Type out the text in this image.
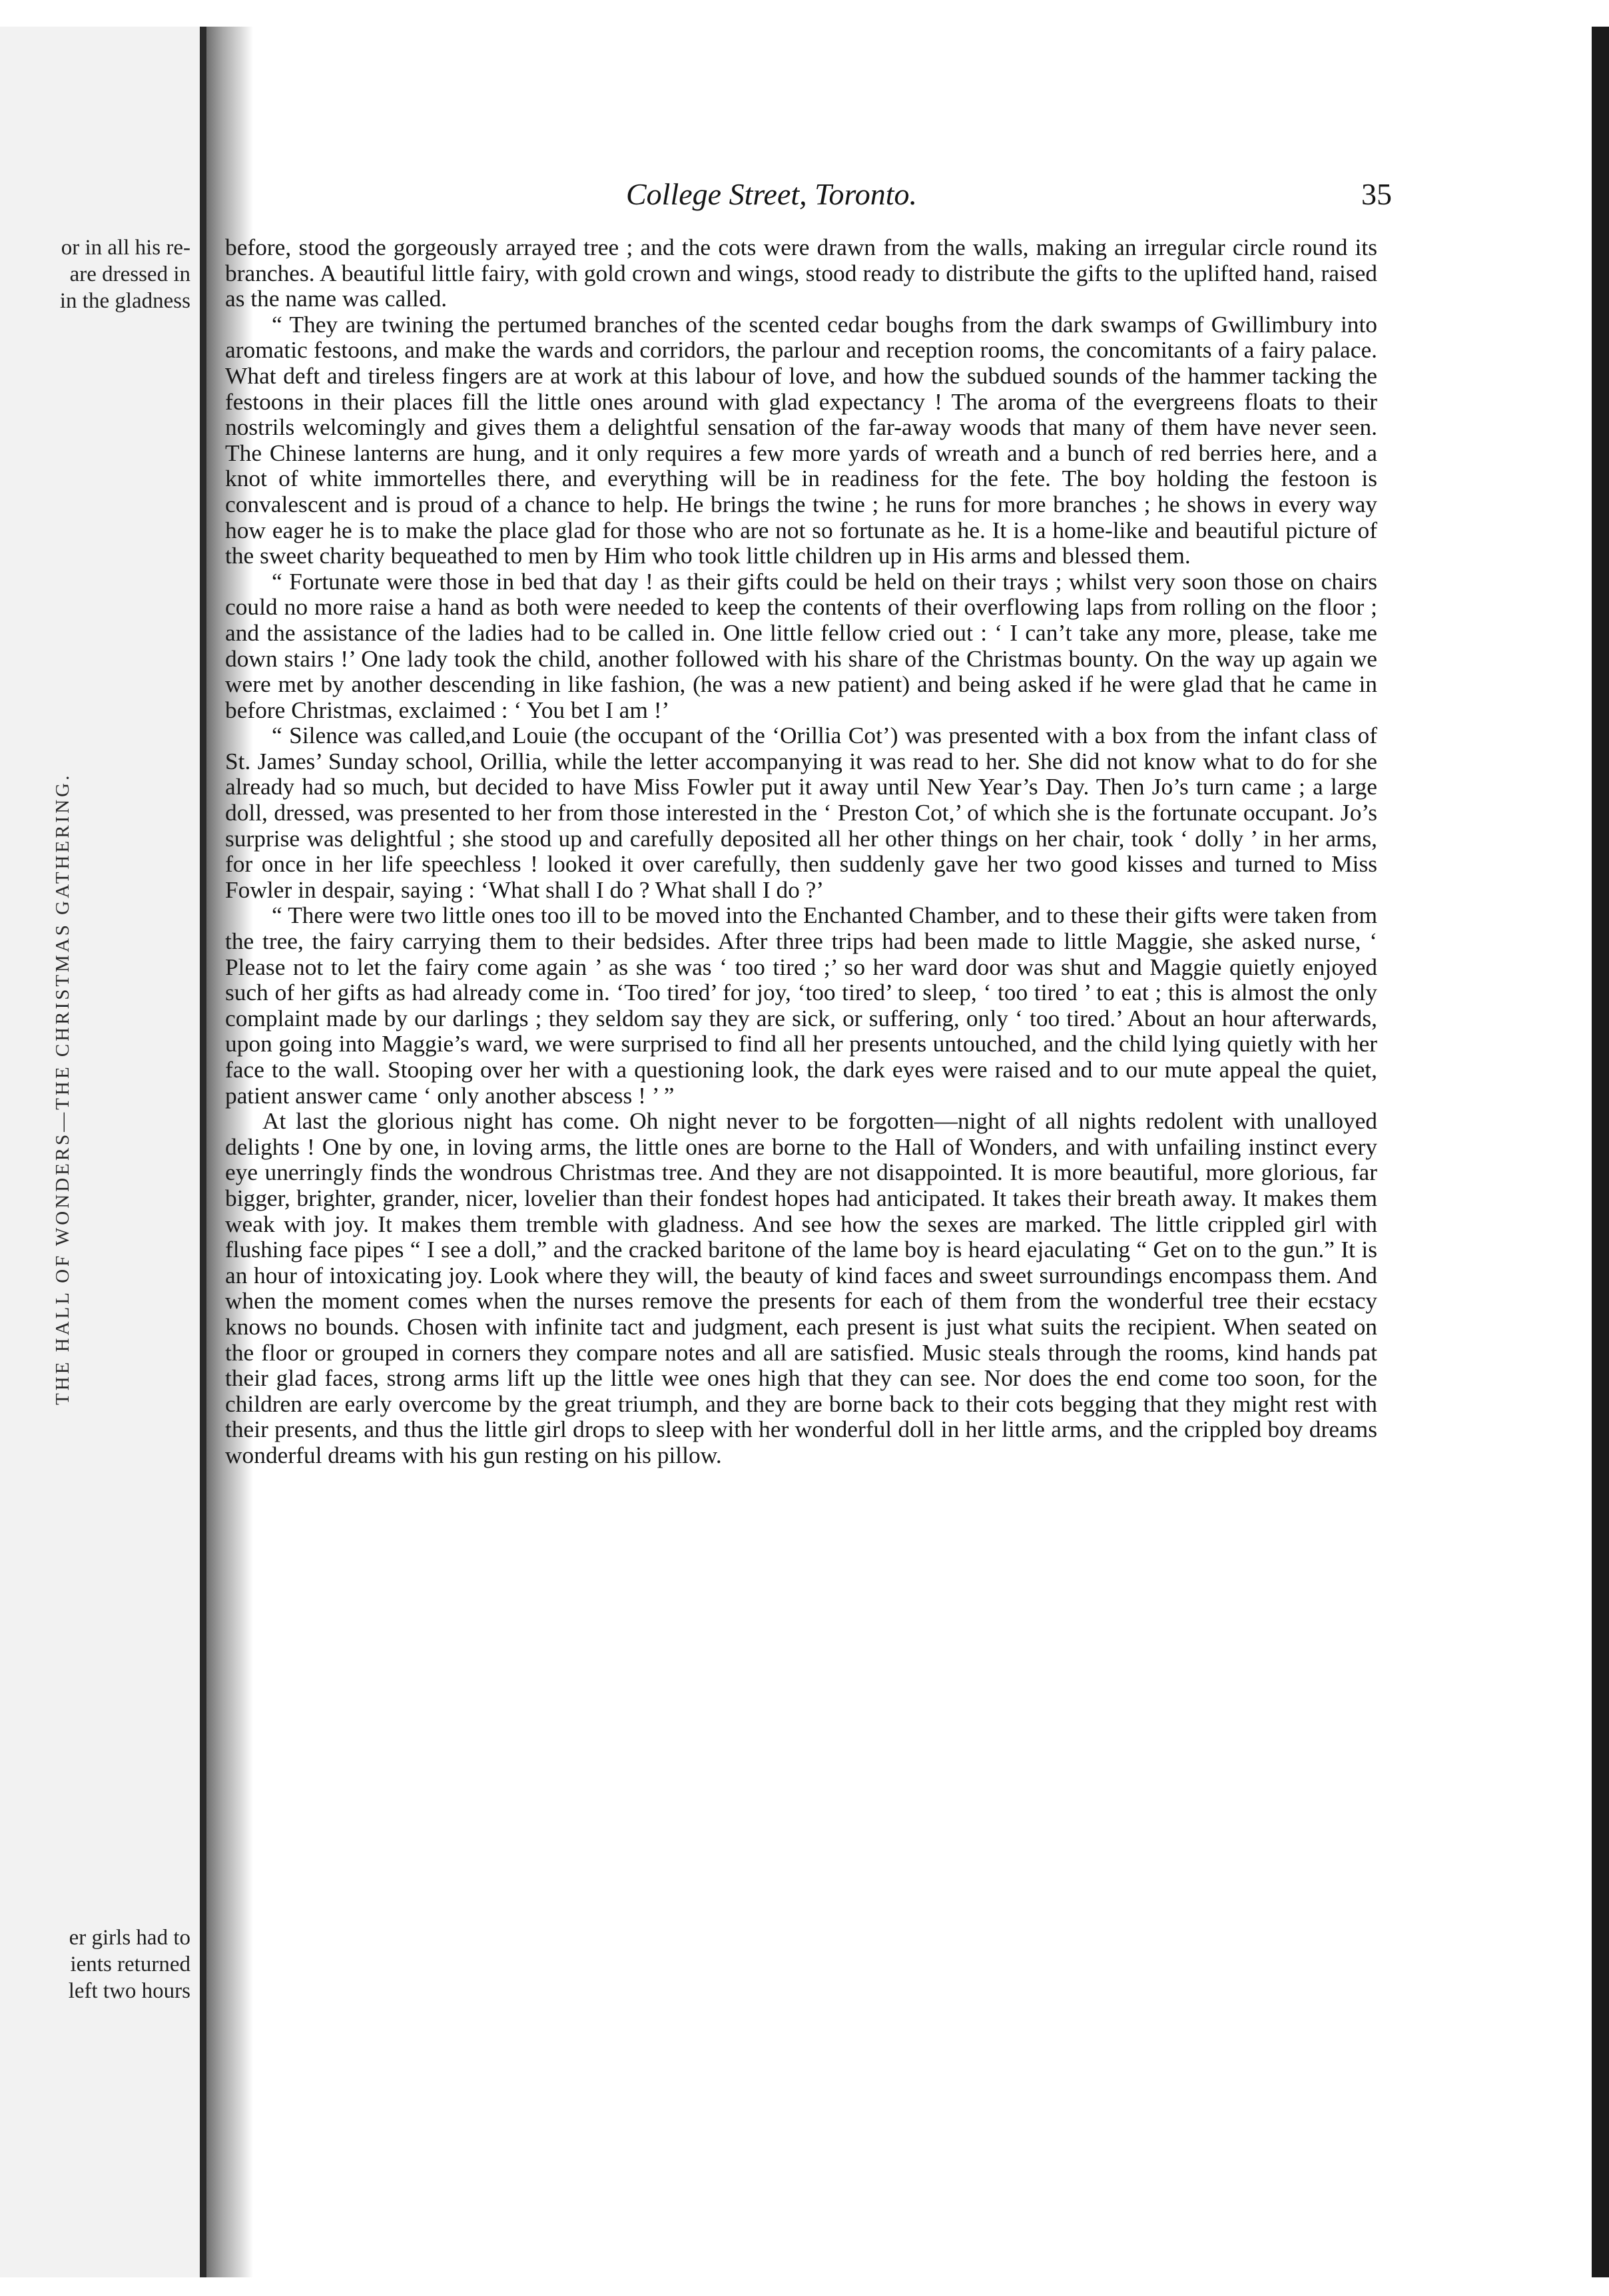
or in all his re-
are dressed in
in the gladness
er girls had to
ients returned
left two hours
THE HALL OF WONDERS—THE CHRISTMAS GATHERING.
College Street, Toronto.	35

before, stood the gorgeously arrayed tree ; and the cots were drawn from the walls, making an irregular circle round its branches. A beautiful little fairy, with gold crown and wings, stood ready to distribute the gifts to the uplifted hand, raised as the name was called.

“ They are twining the pertumed branches of the scented cedar boughs from the dark swamps of Gwillimbury into aromatic festoons, and make the wards and corridors, the parlour and reception rooms, the concomitants of a fairy palace. What deft and tireless fingers are at work at this labour of love, and how the subdued sounds of the hammer tacking the festoons in their places fill the little ones around with glad expectancy ! The aroma of the evergreens floats to their nostrils welcomingly and gives them a delightful sensation of the far-away woods that many of them have never seen. The Chinese lanterns are hung, and it only requires a few more yards of wreath and a bunch of red berries here, and a knot of white immortelles there, and everything will be in readiness for the fete. The boy holding the festoon is convalescent and is proud of a chance to help. He brings the twine ; he runs for more branches ; he shows in every way how eager he is to make the place glad for those who are not so fortunate as he. It is a home-like and beautiful picture of the sweet charity bequeathed to men by Him who took little children up in His arms and blessed them.

“ Fortunate were those in bed that day ! as their gifts could be held on their trays ; whilst very soon those on chairs could no more raise a hand as both were needed to keep the contents of their overflowing laps from rolling on the floor ; and the assistance of the ladies had to be called in. One little fellow cried out : ‘ I can’t take any more, please, take me down stairs !’ One lady took the child, another followed with his share of the Christmas bounty. On the way up again we were met by another descending in like fashion, (he was a new patient) and being asked if he were glad that he came in before Christmas, exclaimed : ‘ You bet I am !’

“ Silence was called,and Louie (the occupant of the ‘Orillia Cot’) was presented with a box from the infant class of St. James’ Sunday school, Orillia, while the letter accompanying it was read to her. She did not know what to do for she already had so much, but decided to have Miss Fowler put it away until New Year’s Day. Then Jo’s turn came ; a large doll, dressed, was presented to her from those interested in the ‘ Preston Cot,’ of which she is the fortunate occupant. Jo’s surprise was delightful ; she stood up and carefully deposited all her other things on her chair, took ‘ dolly ’ in her arms, for once in her life speechless ! looked it over carefully, then suddenly gave her two good kisses and turned to Miss Fowler in despair, saying : ‘What shall I do ? What shall I do ?’

“ There were two little ones too ill to be moved into the Enchanted Chamber, and to these their gifts were taken from the tree, the fairy carrying them to their bedsides. After three trips had been made to little Maggie, she asked nurse, ‘ Please not to let the fairy come again ’ as she was ‘ too tired ;’ so her ward door was shut and Maggie quietly enjoyed such of her gifts as had already come in. ‘Too tired’ for joy, ‘too tired’ to sleep, ‘ too tired ’ to eat ; this is almost the only complaint made by our darlings ; they seldom say they are sick, or suffering, only ‘ too tired.’ About an hour afterwards, upon going into Maggie’s ward, we were surprised to find all her presents untouched, and the child lying quietly with her face to the wall. Stooping over her with a questioning look, the dark eyes were raised and to our mute appeal the quiet, patient answer came ‘ only another abscess ! ’ ”

At last the glorious night has come. Oh night never to be forgotten—night of all nights redolent with unalloyed delights ! One by one, in loving arms, the little ones are borne to the Hall of Wonders, and with unfailing instinct every eye unerringly finds the wondrous Christmas tree. And they are not disappointed. It is more beautiful, more glorious, far bigger, brighter, grander, nicer, lovelier than their fondest hopes had anticipated. It takes their breath away. It makes them weak with joy. It makes them tremble with gladness. And see how the sexes are marked. The little crippled girl with flushing face pipes “ I see a doll,” and the cracked baritone of the lame boy is heard ejaculating “ Get on to the gun.” It is an hour of intoxicating joy. Look where they will, the beauty of kind faces and sweet surroundings encompass them. And when the moment comes when the nurses remove the presents for each of them from the wonderful tree their ecstacy knows no bounds. Chosen with infinite tact and judgment, each present is just what suits the recipient. When seated on the floor or grouped in corners they compare notes and all are satisfied. Music steals through the rooms, kind hands pat their glad faces, strong arms lift up the little wee ones high that they can see. Nor does the end come too soon, for the children are early overcome by the great triumph, and they are borne back to their cots begging that they might rest with their presents, and thus the little girl drops to sleep with her wonderful doll in her little arms, and the crippled boy dreams wonderful dreams with his gun resting on his pillow.
